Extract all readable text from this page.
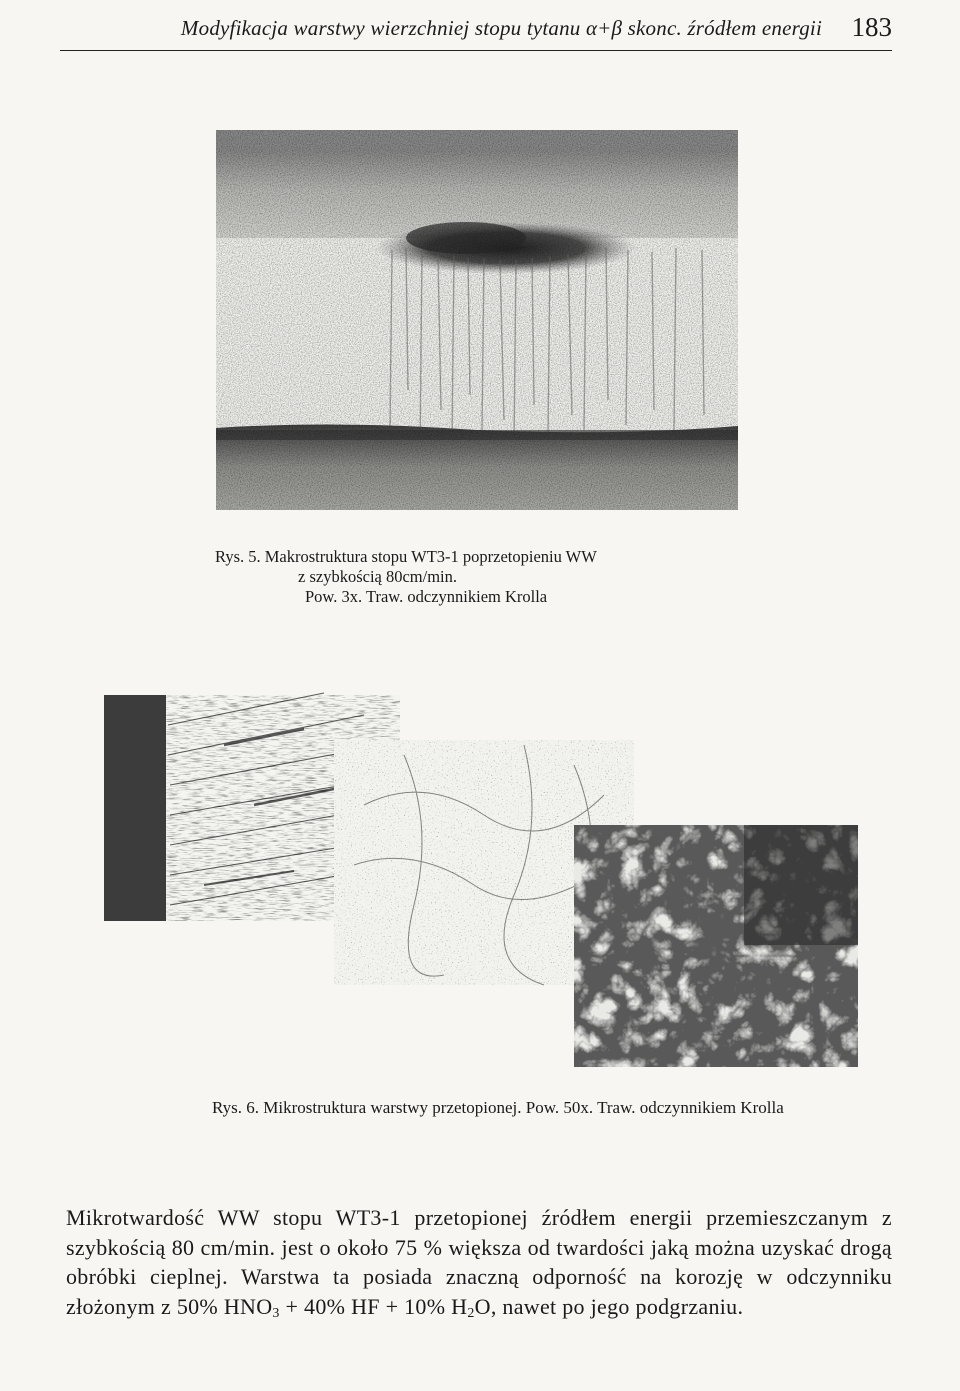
Modyfikacja warstwy wierzchniej stopu tytanu α+β skonc. źródłem energii 183
Rys. 5. Makrostruktura stopu WT3-1 poprzetopieniu WW
z szybkością 80cm/min.
Pow. 3x. Traw. odczynnikiem Krolla
Rys. 6. Mikrostruktura warstwy przetopionej. Pow. 50x. Traw. odczynnikiem Krolla

Mikrotwardość WW stopu WT3-1 przetopionej źródłem energii przemieszczanym z szybkością 80 cm/min. jest o około 75 % większa od twardości jaką można uzyskać drogą obróbki cieplnej. Warstwa ta posiada znaczną odporność na korozję w odczynniku złożonym z 50% $HNO_3 + 40\%$ HF + 10% $H_2O$, nawet po jego podgrzaniu.
